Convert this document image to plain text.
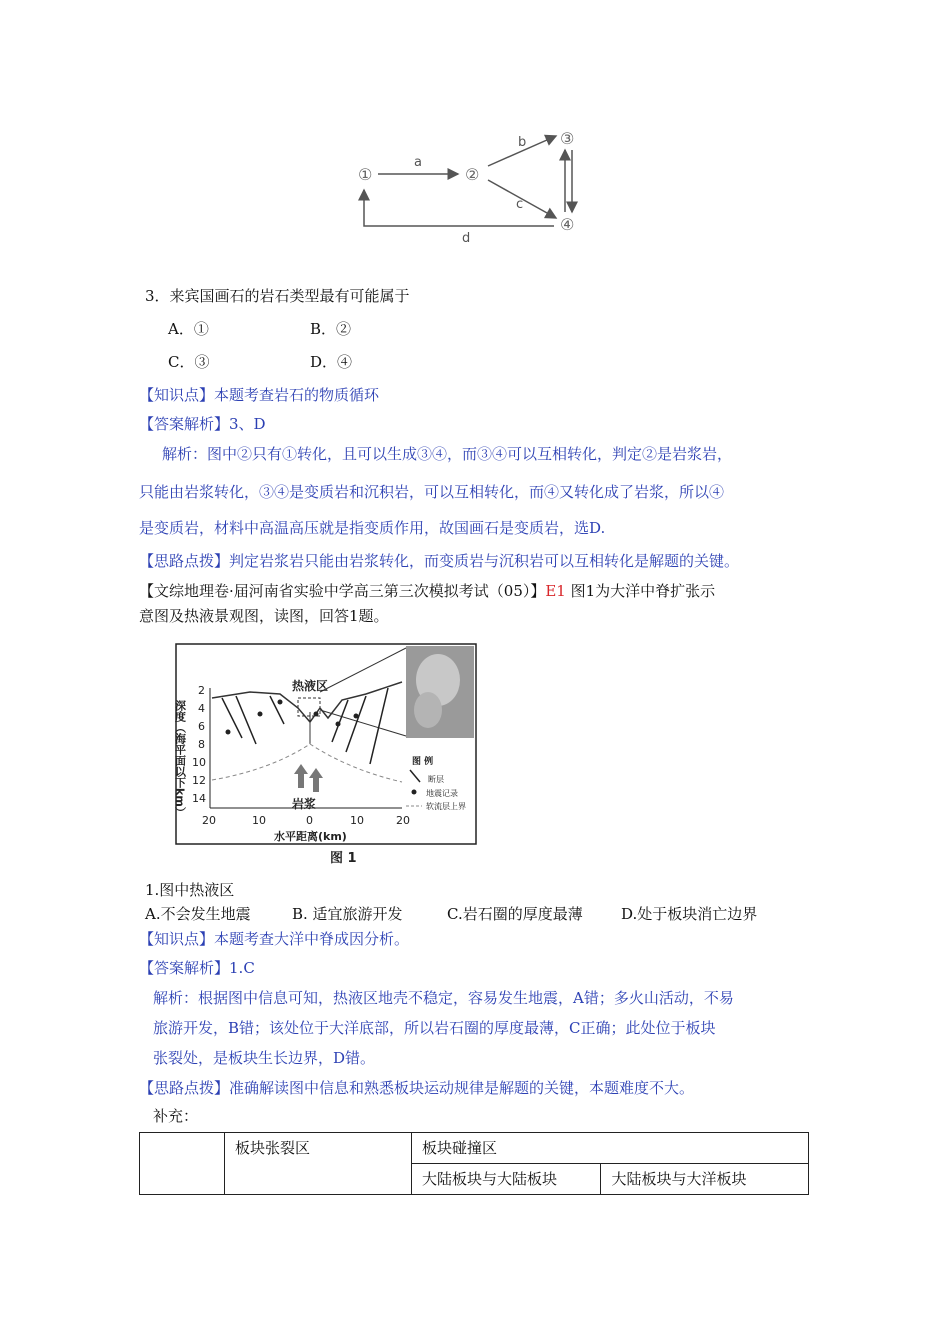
①	②
③
④
a
b
c
d
3．来宾国画石的岩石类型最有可能属于
A．①	B．②
C．③	D．④
【知识点】本题考查岩石的物质循环
【答案解析】3、D
解析：图中②只有①转化，且可以生成③④，而③④可以互相转化，判定②是岩浆岩，
只能由岩浆转化，③④是变质岩和沉积岩，可以互相转化，而④又转化成了岩浆，所以④
是变质岩，材料中高温高压就是指变质作用，故国画石是变质岩，选D.
【思路点拨】判定岩浆岩只能由岩浆转化，而变质岩与沉积岩可以互相转化是解题的关键。
【文综地理卷·届河南省实验中学高三第三次模拟考试（05）】E1 图1为大洋中脊扩张示
意图及热液景观图，读图，回答1题。
深度（海平面以下km）
2
4
6
8
10
12
14
热液区
岩浆
20	10	0	10	20
水平距离(km)
图 例
断层
地震记录
软流层上界
图 1
1.图中热液区
A.不会发生地震	B. 适宜旅游开发	C.岩石圈的厚度最薄	D.处于板块消亡边界
【知识点】本题考查大洋中脊成因分析。
【答案解析】1.C
解析：根据图中信息可知，热液区地壳不稳定，容易发生地震，A错；多火山活动，不易
旅游开发，B错；该处位于大洋底部，所以岩石圈的厚度最薄，C正确；此处位于板块
张裂处，是板块生长边界，D错。
【思路点拨】准确解读图中信息和熟悉板块运动规律是解题的关键，本题难度不大。
补充：
	板块张裂区	板块碰撞区	
		大陆板块与大陆板块	大陆板块与大洋板块
